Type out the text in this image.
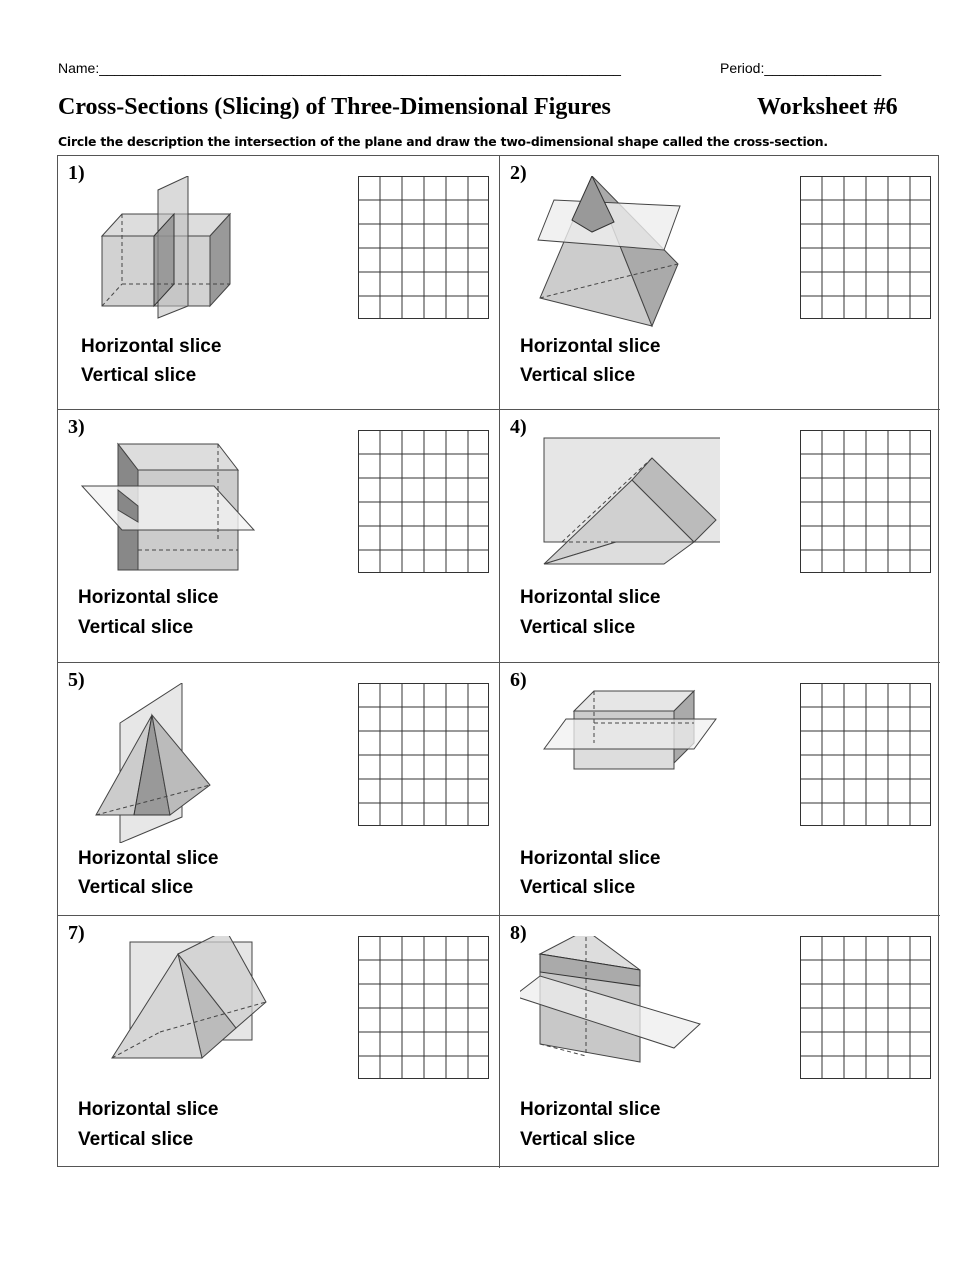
Name:___________________________________________________________________	Period:_______________
Cross-Sections (Slicing) of Three-Dimensional Figures	Worksheet #6
Circle the description the intersection of the plane and draw the two-dimensional shape called the cross-section.
1)
Horizontal slice
Vertical slice
2)
Horizontal slice
Vertical slice
3)
Horizontal slice
Vertical slice
4)
Horizontal slice
Vertical slice
5)
Horizontal slice
Vertical slice
6)
Horizontal slice
Vertical slice
7)
Horizontal slice
Vertical slice
8)
Horizontal slice
Vertical slice
